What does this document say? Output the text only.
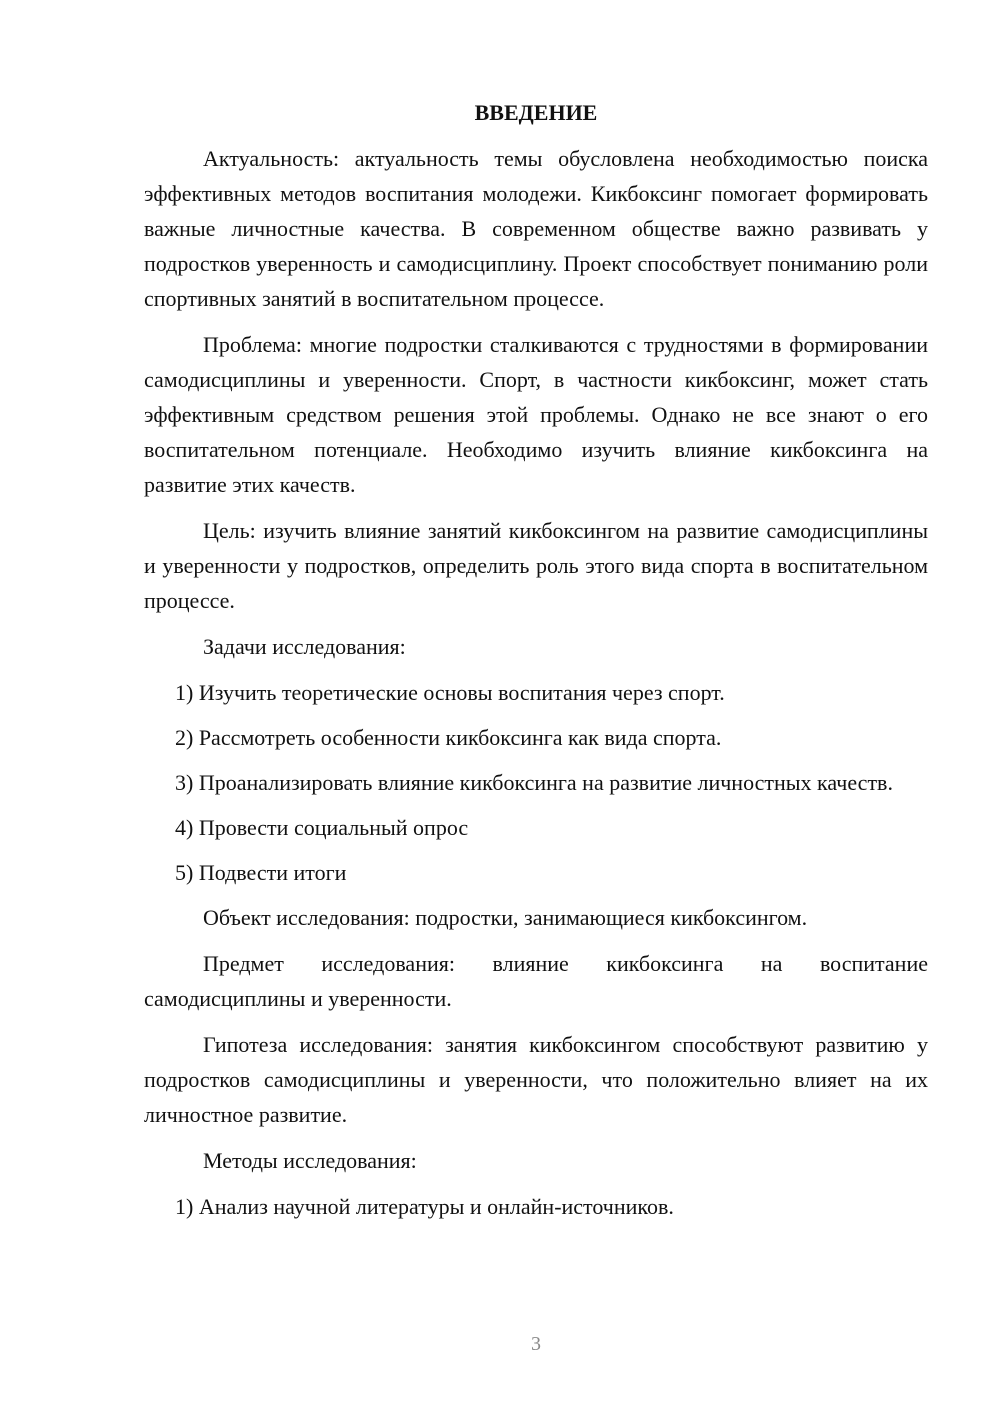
ВВЕДЕНИЕ

Актуальность: актуальность темы обусловлена необходимостью поиска эффективных методов воспитания молодежи. Кикбоксинг помогает формировать важные личностные качества. В современном обществе важно развивать у подростков уверенность и самодисциплину. Проект способствует пониманию роли спортивных занятий в воспитательном процессе.

Проблема: многие подростки сталкиваются с трудностями в формировании самодисциплины и уверенности. Спорт, в частности кикбоксинг, может стать эффективным средством решения этой проблемы. Однако не все знают о его воспитательном потенциале. Необходимо изучить влияние кикбоксинга на развитие этих качеств.

Цель: изучить влияние занятий кикбоксингом на развитие самодисциплины и уверенности у подростков, определить роль этого вида спорта в воспитательном процессе.

Задачи исследования:

1) Изучить теоретические основы воспитания через спорт.

2) Рассмотреть особенности кикбоксинга как вида спорта.

3) Проанализировать влияние кикбоксинга на развитие личностных качеств.

4) Провести социальный опрос

5) Подвести итоги

Объект исследования: подростки, занимающиеся кикбоксингом.

Предмет исследования: влияние кикбоксинга на воспитание самодисциплины и уверенности.

Гипотеза исследования: занятия кикбоксингом способствуют развитию у подростков самодисциплины и уверенности, что положительно влияет на их личностное развитие.

Методы исследования:

1) Анализ научной литературы и онлайн-источников.

3
